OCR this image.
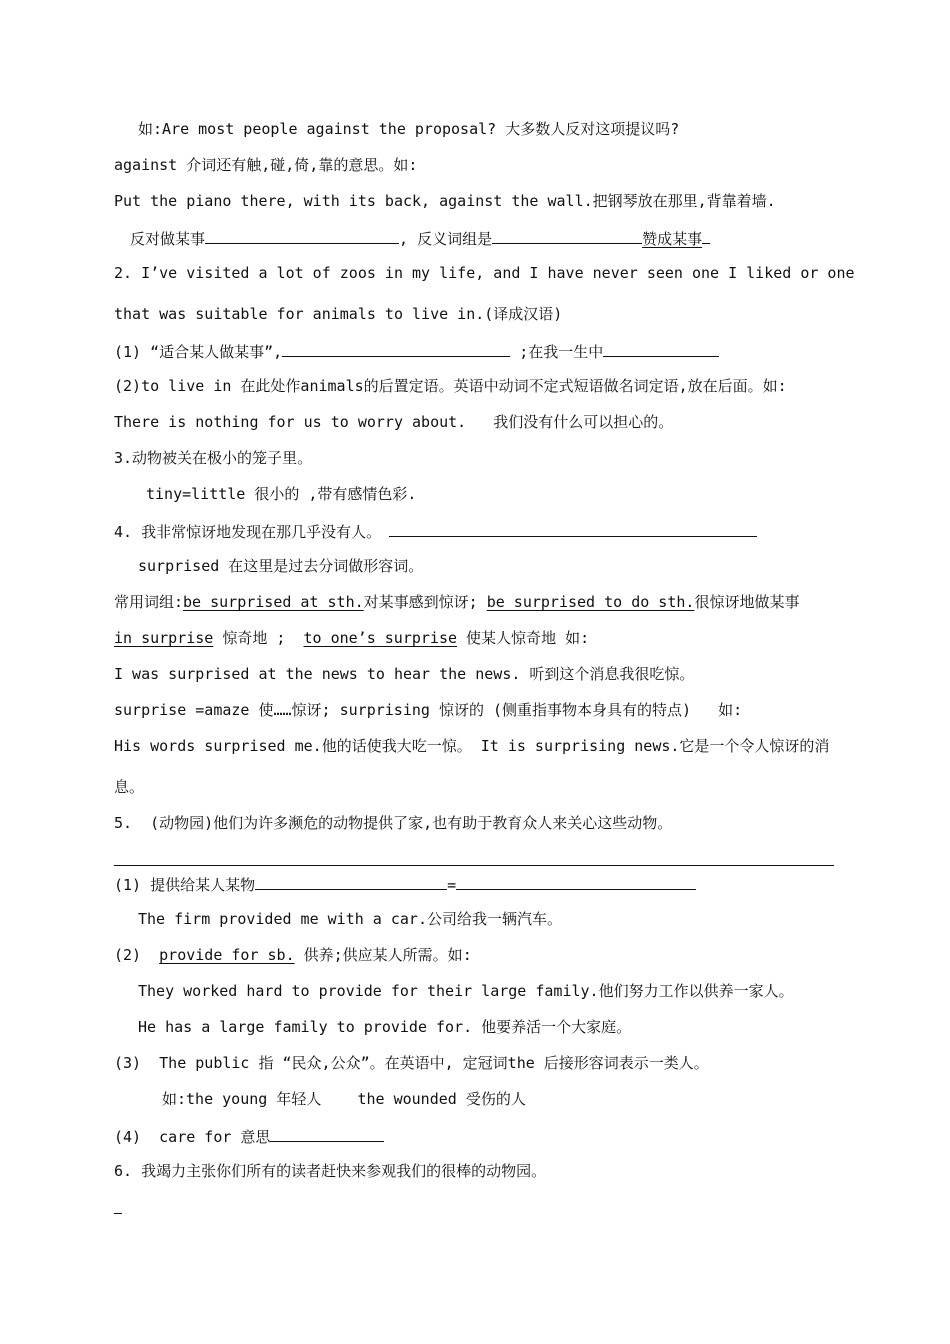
如:Are most people against the proposal? 大多数人反对这项提议吗?
against 介词还有触,碰,倚,靠的意思。如:
Put the piano there, with its back, against the wall.把钢琴放在那里,背靠着墙.
反对做某事	, 反义词组是	赞成某事
2. I’ve visited a lot of zoos in my life, and I have never seen one I liked or one
that was suitable for animals to live in.(译成汉语)
(1) “适合某人做某事”,	;在我一生中
(2)to live in 在此处作animals的后置定语。英语中动词不定式短语做名词定语,放在后面。如:
There is nothing for us to worry about.   我们没有什么可以担心的。
3.动物被关在极小的笼子里。
tiny=little 很小的 ,带有感情色彩.
4. 我非常惊讶地发现在那几乎没有人。
surprised 在这里是过去分词做形容词。
常用词组:be surprised at sth.对某事感到惊讶; be surprised to do sth.很惊讶地做某事
in surprise 惊奇地 ;  to one’s surprise 使某人惊奇地 如:
I was surprised at the news to hear the news. 听到这个消息我很吃惊。
surprise =amaze 使……惊讶; surprising 惊讶的 (侧重指事物本身具有的特点)   如:
His words surprised me.他的话使我大吃一惊。 It is surprising news.它是一个令人惊讶的消
息。
5.  (动物园)他们为许多濒危的动物提供了家,也有助于教育众人来关心这些动物。
(1) 提供给某人某物	=
The firm provided me with a car.公司给我一辆汽车。
(2)  provide for sb. 供养;供应某人所需。如:
They worked hard to provide for their large family.他们努力工作以供养一家人。
He has a large family to provide for. 他要养活一个大家庭。
(3)  The public 指 “民众,公众”。在英语中, 定冠词the 后接形容词表示一类人。
如:the young 年轻人    the wounded 受伤的人
(4)  care for 意思
6. 我竭力主张你们所有的读者赶快来参观我们的很棒的动物园。
